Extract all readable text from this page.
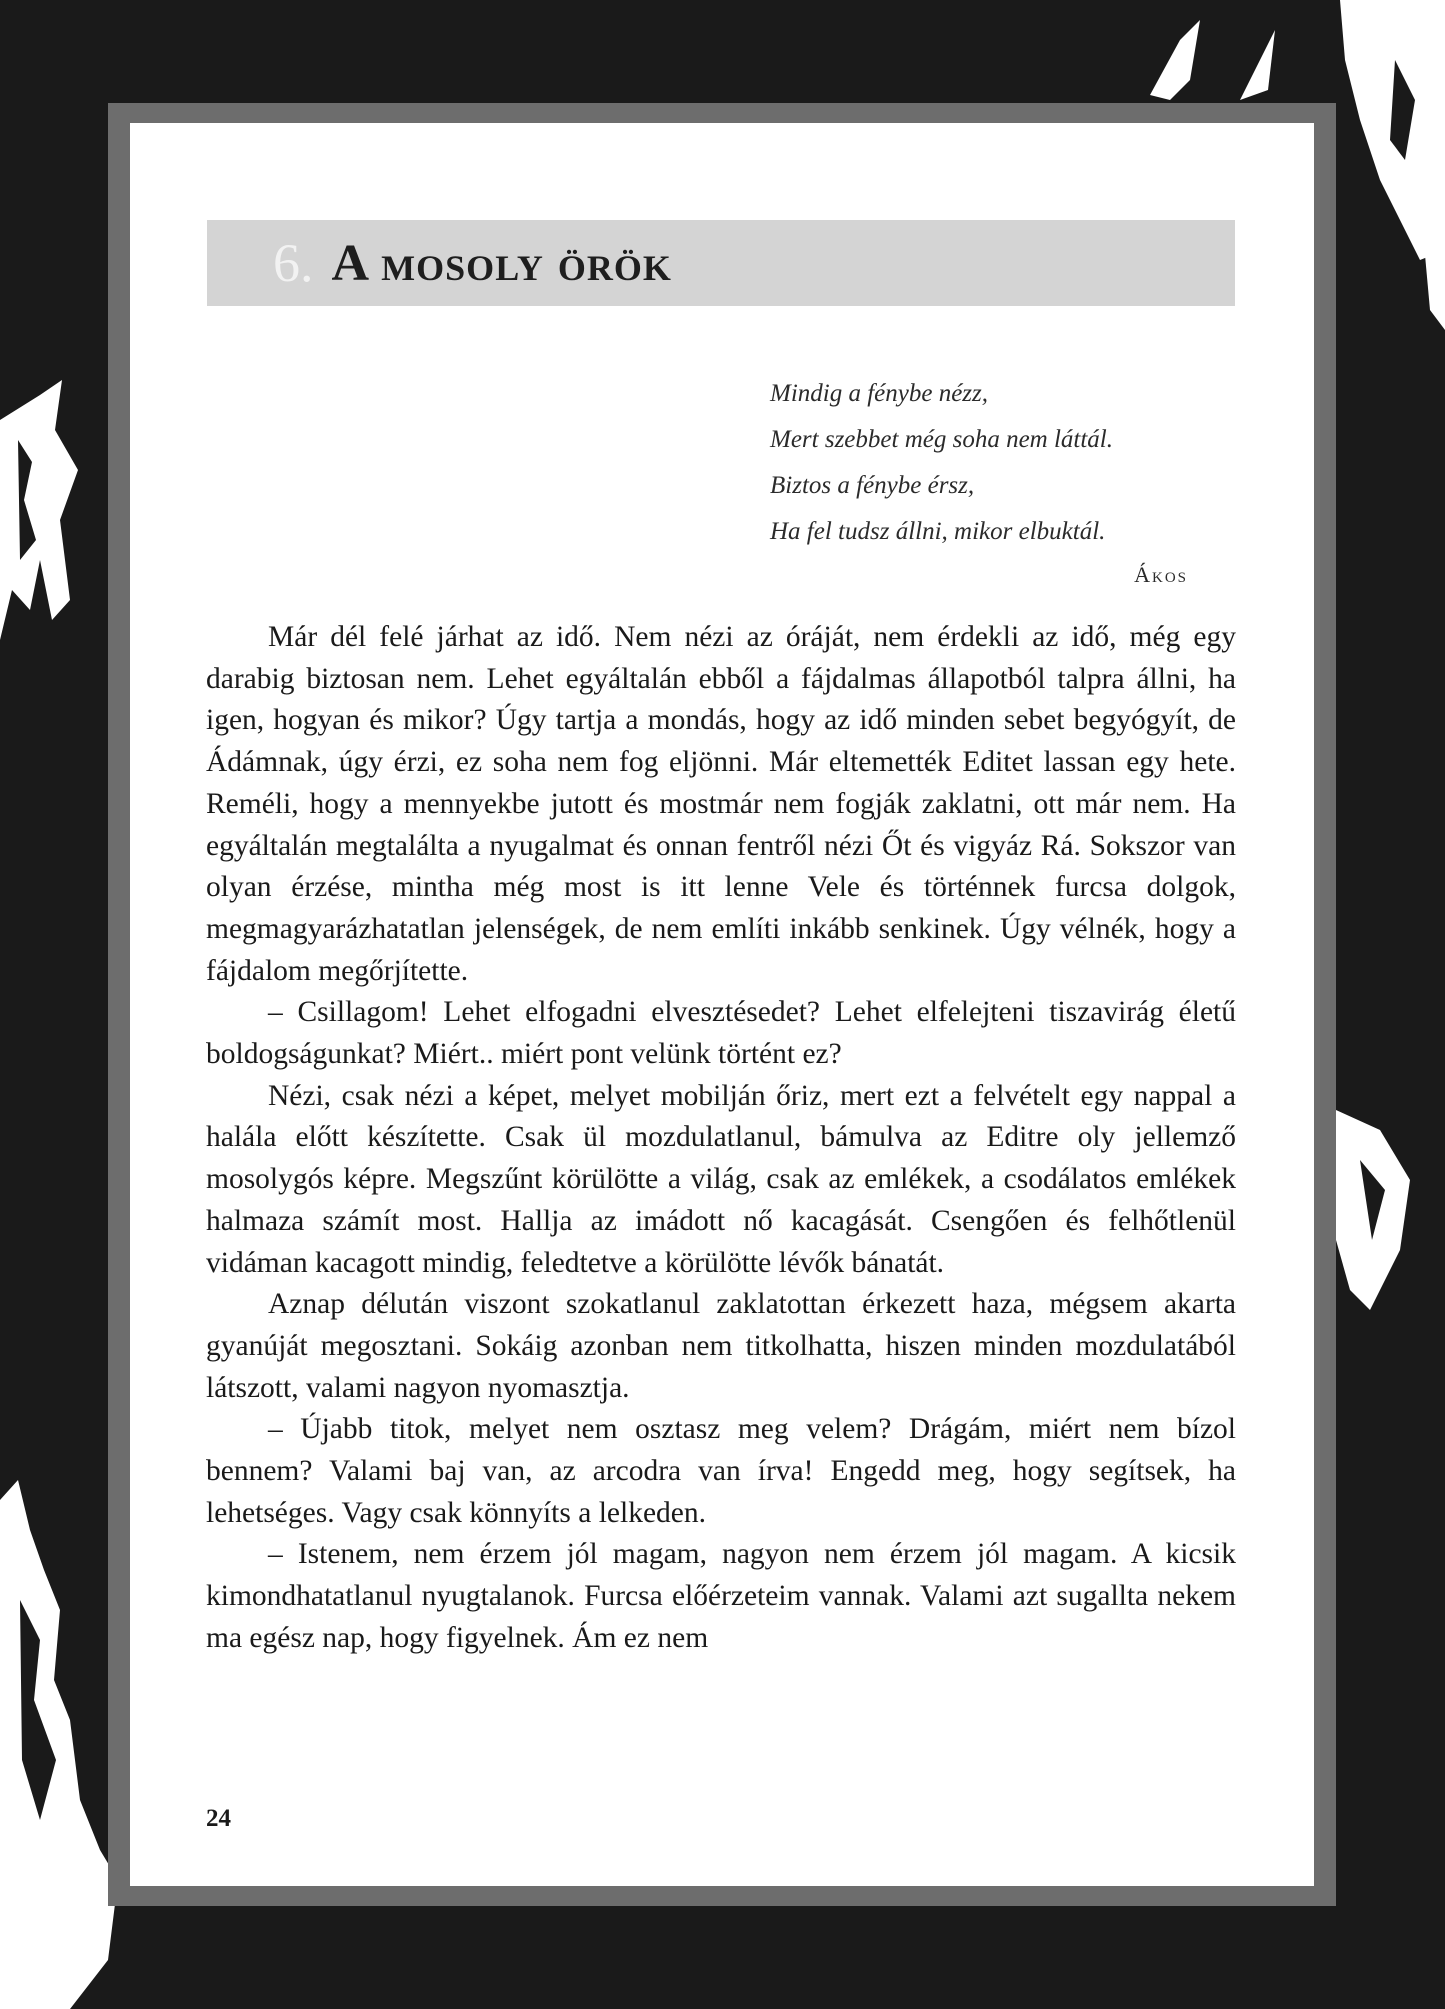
6. A mosoly örök
Mindig a fénybe nézz,
Mert szebbet még soha nem láttál.
Biztos a fénybe érsz,
Ha fel tudsz állni, mikor elbuktál.
Ákos

Már dél felé járhat az idő. Nem nézi az óráját, nem érdekli az idő, még egy darabig biztosan nem. Lehet egyáltalán ebből a fájdalmas állapotból talpra állni, ha igen, hogyan és mikor? Úgy tartja a mondás, hogy az idő minden sebet begyógyít, de Ádámnak, úgy érzi, ez soha nem fog eljönni. Már eltemették Editet lassan egy hete. Reméli, hogy a mennyekbe jutott és mostmár nem fogják zaklatni, ott már nem. Ha egyáltalán megtalálta a nyugalmat és onnan fentről nézi Őt és vigyáz Rá. Sokszor van olyan érzése, mintha még most is itt lenne Vele és történnek furcsa dolgok, megmagyarázhatatlan jelenségek, de nem említi inkább senkinek. Úgy vélnék, hogy a fájdalom megőrjítette.

– Csillagom! Lehet elfogadni elvesztésedet? Lehet elfelejteni tiszavirág életű boldogságunkat? Miért.. miért pont velünk történt ez?

Nézi, csak nézi a képet, melyet mobilján őriz, mert ezt a felvételt egy nappal a halála előtt készítette. Csak ül mozdulatlanul, bámulva az Editre oly jellemző mosolygós képre. Megszűnt körülötte a világ, csak az emlékek, a csodálatos emlékek halmaza számít most. Hallja az imádott nő kacagását. Csengően és felhőtlenül vidáman kacagott mindig, feledtetve a körülötte lévők bánatát.

Aznap délután viszont szokatlanul zaklatottan érkezett haza, mégsem akarta gyanúját megosztani. Sokáig azonban nem titkolhatta, hiszen minden mozdulatából látszott, valami nagyon nyomasztja.

– Újabb titok, melyet nem osztasz meg velem? Drágám, miért nem bízol bennem? Valami baj van, az arcodra van írva! Engedd meg, hogy segítsek, ha lehetséges. Vagy csak könnyíts a lelkeden.

– Istenem, nem érzem jól magam, nagyon nem érzem jól magam. A kicsik kimondhatatlanul nyugtalanok. Furcsa előérzeteim vannak. Valami azt sugallta nekem ma egész nap, hogy figyelnek. Ám ez nem

24
